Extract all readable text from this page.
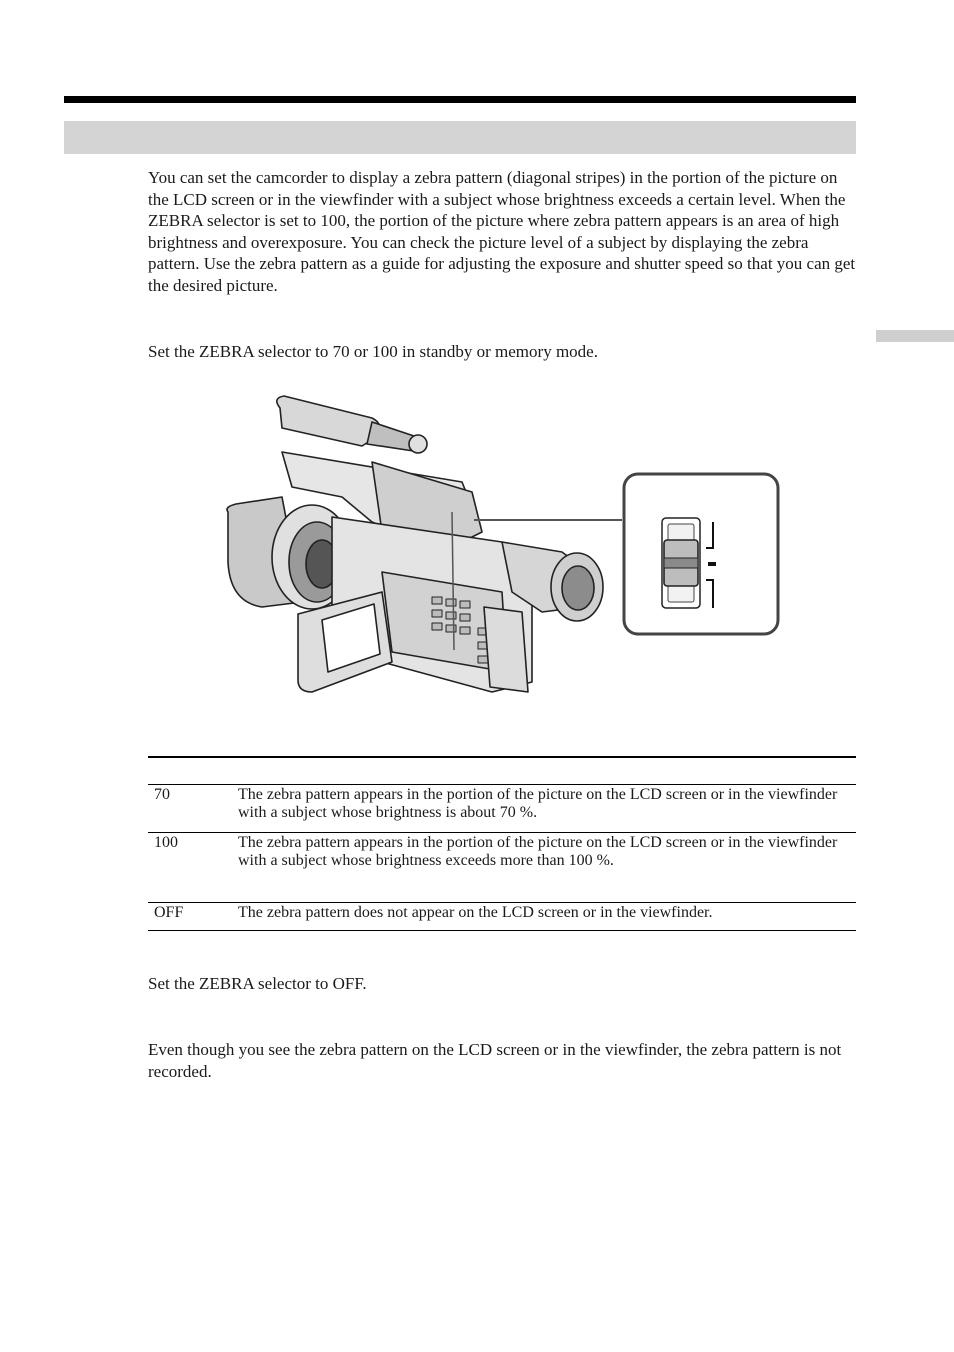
You can set the camcorder to display a zebra pattern (diagonal stripes) in the portion of the picture on the LCD screen or in the viewfinder with a subject whose brightness exceeds a certain level. When the ZEBRA selector is set to 100, the portion of the picture where zebra pattern appears is an area of high brightness and overexposure. You can check the picture level of a subject by displaying the zebra pattern. Use the zebra pattern as a guide for adjusting the exposure and shutter speed so that you can get the desired picture.

Set the ZEBRA selector to 70 or 100 in standby or memory mode.

70	The zebra pattern appears in the portion of the picture on the LCD screen or in the viewfinder with a subject whose brightness is about 70 %.
100	The zebra pattern appears in the portion of the picture on the LCD screen or in the viewfinder with a subject whose brightness exceeds more than 100 %.
OFF	The zebra pattern does not appear on the LCD screen or in the viewfinder.

Set the ZEBRA selector to OFF.

Even though you see the zebra pattern on the LCD screen or in the viewfinder, the zebra pattern is not recorded.
